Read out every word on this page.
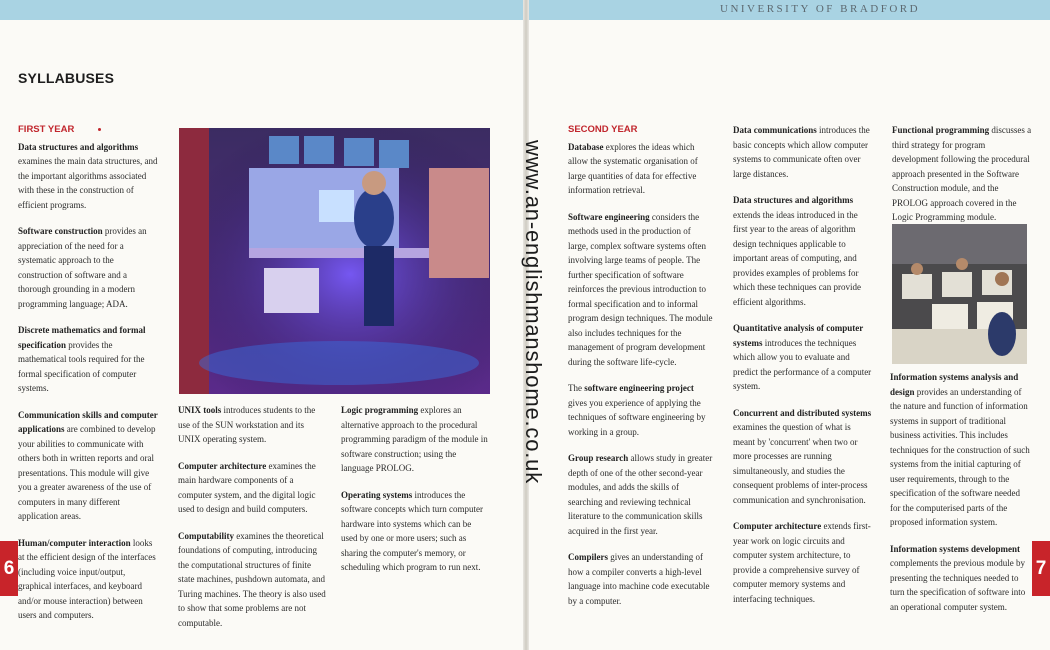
UNIVERSITY OF BRADFORD
SYLLABUSES
FIRST YEAR

Data structures and algorithms examines the main data structures, and the important algorithms associated with these in the construction of efficient programs.

Software construction provides an appreciation of the need for a systematic approach to the construction of software and a thorough grounding in a modern programming language; ADA.

Discrete mathematics and formal specification provides the mathematical tools required for the formal specification of computer systems.

Communication skills and computer applications are combined to develop your abilities to communicate with others both in written reports and oral presentations. This module will give you a greater awareness of the use of computers in many different application areas.

Human/computer interaction looks at the efficient design of the interfaces (including voice input/output, graphical interfaces, and keyboard and/or mouse interaction) between users and computers.

UNIX tools introduces students to the use of the SUN workstation and its UNIX operating system.

Computer architecture examines the main hardware components of a computer system, and the digital logic used to design and build computers.

Computability examines the theoretical foundations of computing, introducing the computational structures of finite state machines, pushdown automata, and Turing machines. The theory is also used to show that some problems are not computable.

Logic programming explores an alternative approach to the procedural programming paradigm of the module in software construction; using the language PROLOG.

Operating systems introduces the software concepts which turn computer hardware into systems which can be used by one or more users; such as sharing the computer's memory, or scheduling which program to run next.

www.an-englishmanshome.co.uk
6
SECOND YEAR

Database explores the ideas which allow the systematic organisation of large quantities of data for effective information retrieval.

Software engineering considers the methods used in the production of large, complex software systems often involving large teams of people. The further specification of software reinforces the previous introduction to formal specification and to informal program design techniques. The module also includes techniques for the management of program development during the software life-cycle.

The software engineering project gives you experience of applying the techniques of software engineering by working in a group.

Group research allows study in greater depth of one of the other second-year modules, and adds the skills of searching and reviewing technical literature to the communication skills acquired in the first year.

Compilers gives an understanding of how a compiler converts a high-level language into machine code executable by a computer.

Data communications introduces the basic concepts which allow computer systems to communicate often over large distances.

Data structures and algorithms extends the ideas introduced in the first year to the areas of algorithm design techniques applicable to important areas of computing, and provides examples of problems for which these techniques can provide efficient algorithms.

Quantitative analysis of computer systems introduces the techniques which allow you to evaluate and predict the performance of a computer system.

Concurrent and distributed systems examines the question of what is meant by 'concurrent' when two or more processes are running simultaneously, and studies the consequent problems of inter-process communication and synchronisation.

Computer architecture extends first-year work on logic circuits and computer system architecture, to provide a comprehensive survey of computer memory systems and interfacing techniques.

Functional programming discusses a third strategy for program development following the procedural approach presented in the Software Construction module, and the PROLOG approach covered in the Logic Programming module.

Information systems analysis and design provides an understanding of the nature and function of information systems in support of traditional business activities. This includes techniques for the construction of such systems from the initial capturing of user requirements, through to the specification of the software needed for the computerised parts of the proposed information system.

Information systems development complements the previous module by presenting the techniques needed to turn the specification of software into an operational computer system.

7
